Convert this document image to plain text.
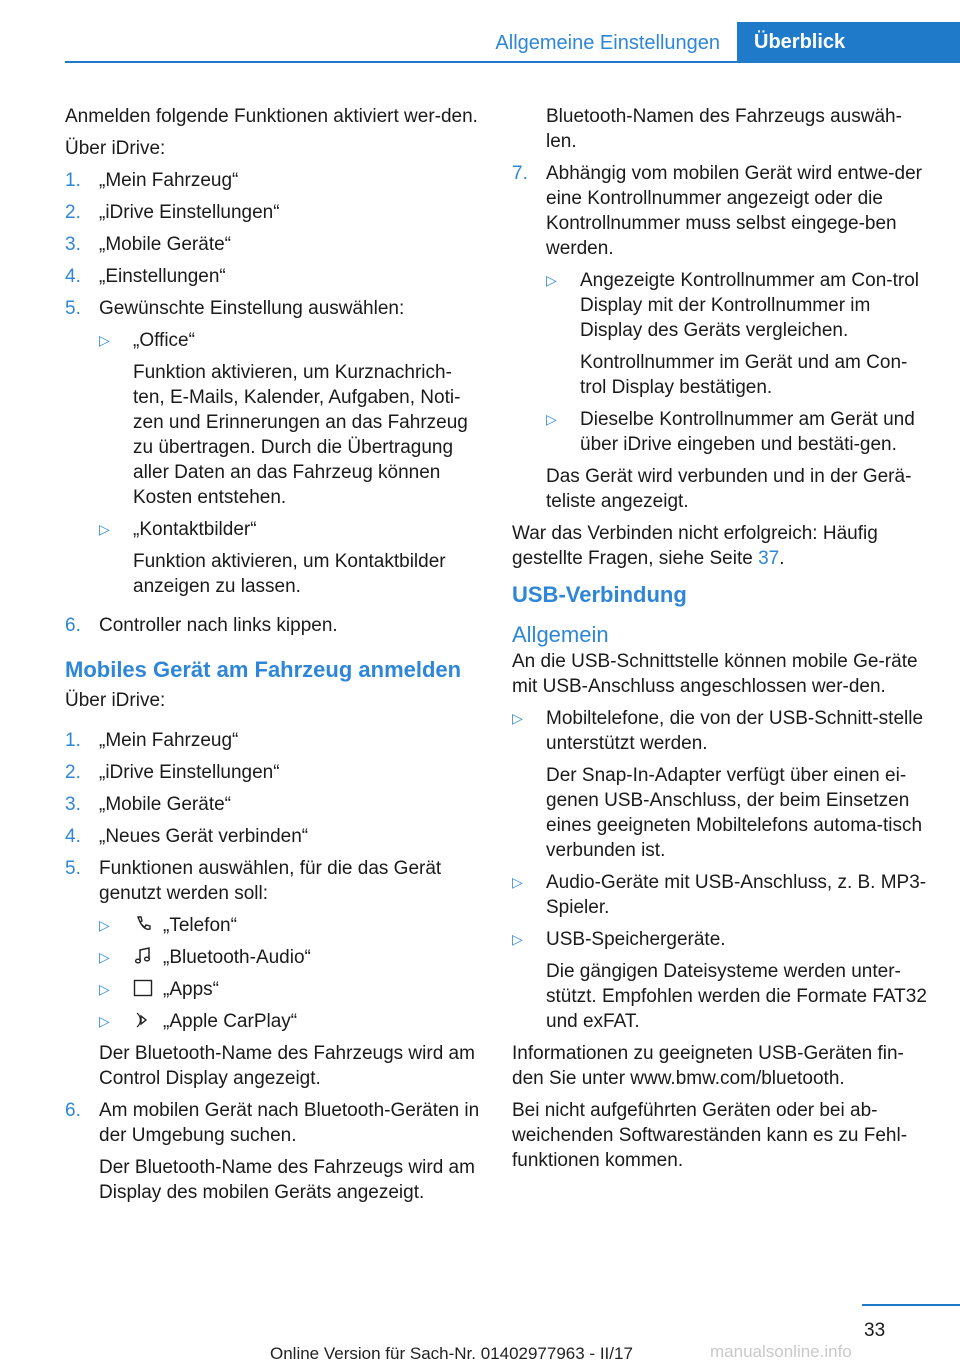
Allgemeine Einstellungen	Überblick

Anmelden folgende Funktionen aktiviert wer‐den.

Über iDrive:

1. „Mein Fahrzeug“
2. „iDrive Einstellungen“
3. „Mobile Geräte“
4. „Einstellungen“
5. Gewünschte Einstellung auswählen:
▷	„Office“
Funktion aktivieren, um Kurznachrich‐ten, E-Mails, Kalender, Aufgaben, Noti‐zen und Erinnerungen an das Fahrzeug zu übertragen. Durch die Übertragung aller Daten an das Fahrzeug können Kosten entstehen.
▷	„Kontaktbilder“
Funktion aktivieren, um Kontaktbilder anzeigen zu lassen.
6. Controller nach links kippen.
Mobiles Gerät am Fahrzeug anmelden

Über iDrive:

1. „Mein Fahrzeug“
2. „iDrive Einstellungen“
3. „Mobile Geräte“
4. „Neues Gerät verbinden“
5. Funktionen auswählen, für die das Gerät genutzt werden soll:
▷	„Telefon“
▷	„Bluetooth-Audio“
▷	„Apps“
▷	„Apple CarPlay“
Der Bluetooth-Name des Fahrzeugs wird am Control Display angezeigt.
6. Am mobilen Gerät nach Bluetooth-Geräten in der Umgebung suchen.
Der Bluetooth-Name des Fahrzeugs wird am Display des mobilen Geräts angezeigt.
Bluetooth-Namen des Fahrzeugs auswäh‐len.
7. Abhängig vom mobilen Gerät wird entwe‐der eine Kontrollnummer angezeigt oder die Kontrollnummer muss selbst eingege‐ben werden.
▷	Angezeigte Kontrollnummer am Con‐trol Display mit der Kontrollnummer im Display des Geräts vergleichen.
Kontrollnummer im Gerät und am Con‐trol Display bestätigen.
▷	Dieselbe Kontrollnummer am Gerät und über iDrive eingeben und bestäti‐gen.
Das Gerät wird verbunden und in der Gerä‐teliste angezeigt.

War das Verbinden nicht erfolgreich: Häufig gestellte Fragen, siehe Seite 37.

USB-Verbindung
Allgemein

An die USB-Schnittstelle können mobile Ge‐räte mit USB-Anschluss angeschlossen wer‐den.

▷	Mobiltelefone, die von der USB-Schnitt‐stelle unterstützt werden.
Der Snap-In-Adapter verfügt über einen ei‐genen USB-Anschluss, der beim Einsetzen eines geeigneten Mobiltelefons automa‐tisch verbunden ist.
▷	Audio-Geräte mit USB-Anschluss, z. B. MP3-Spieler.
▷	USB-Speichergeräte.
Die gängigen Dateisysteme werden unter‐stützt. Empfohlen werden die Formate FAT32 und exFAT.

Informationen zu geeigneten USB-Geräten fin‐den Sie unter www.bmw.com/bluetooth.

Bei nicht aufgeführten Geräten oder bei ab‐weichenden Softwareständen kann es zu Fehl‐funktionen kommen.

33
Online Version für Sach-Nr. 01402977963 - II/17	manualsonline.info
